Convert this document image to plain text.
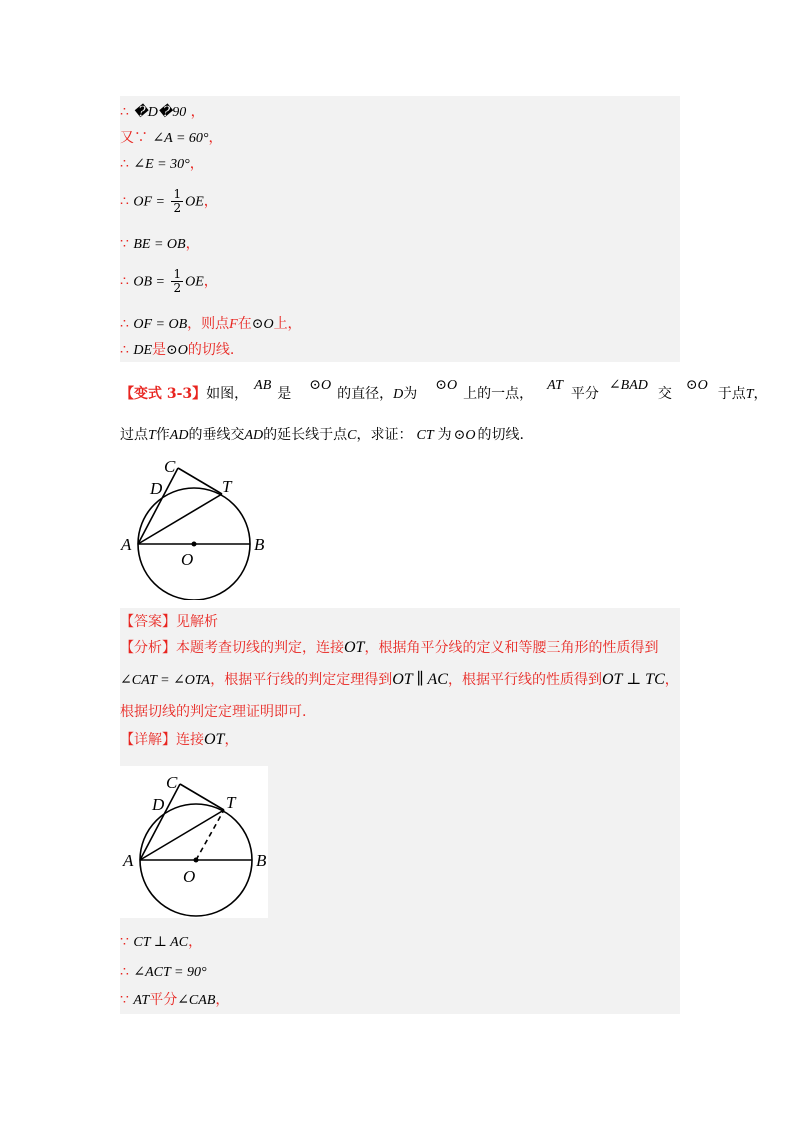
∴ �D�90 ，
又∵ ∠A = 60°，
∴ ∠E = 30°，
∴ OF = $\frac{1}{2}$ OE，
∵ BE = OB，
∴ OB = $\frac{1}{2}$ OE，
∴ OF = OB，则点F在⊙O上，
∴ DE是⊙O的切线.
【变式 3-3】如图，AB是⊙O的直径，D为⊙O上的一点，AT平分∠BAD交⊙O于点T，
过点T作AD的垂线交AD的延长线于点C，求证： CT 为 ⊙O 的切线.
C
D	T
A	B
O
【答案】见解析
【分析】本题考查切线的判定，连接OT，根据角平分线的定义和等腰三角形的性质得到
∠CAT = ∠OTA，根据平行线的判定定理得到OT ∥ AC，根据平行线的性质得到OT ⊥ TC，
根据切线的判定定理证明即可.
【详解】连接OT，
C
D	T
A	B
O
∵ CT ⊥ AC，
∴ ∠ACT = 90°
∵ AT平分∠CAB，
